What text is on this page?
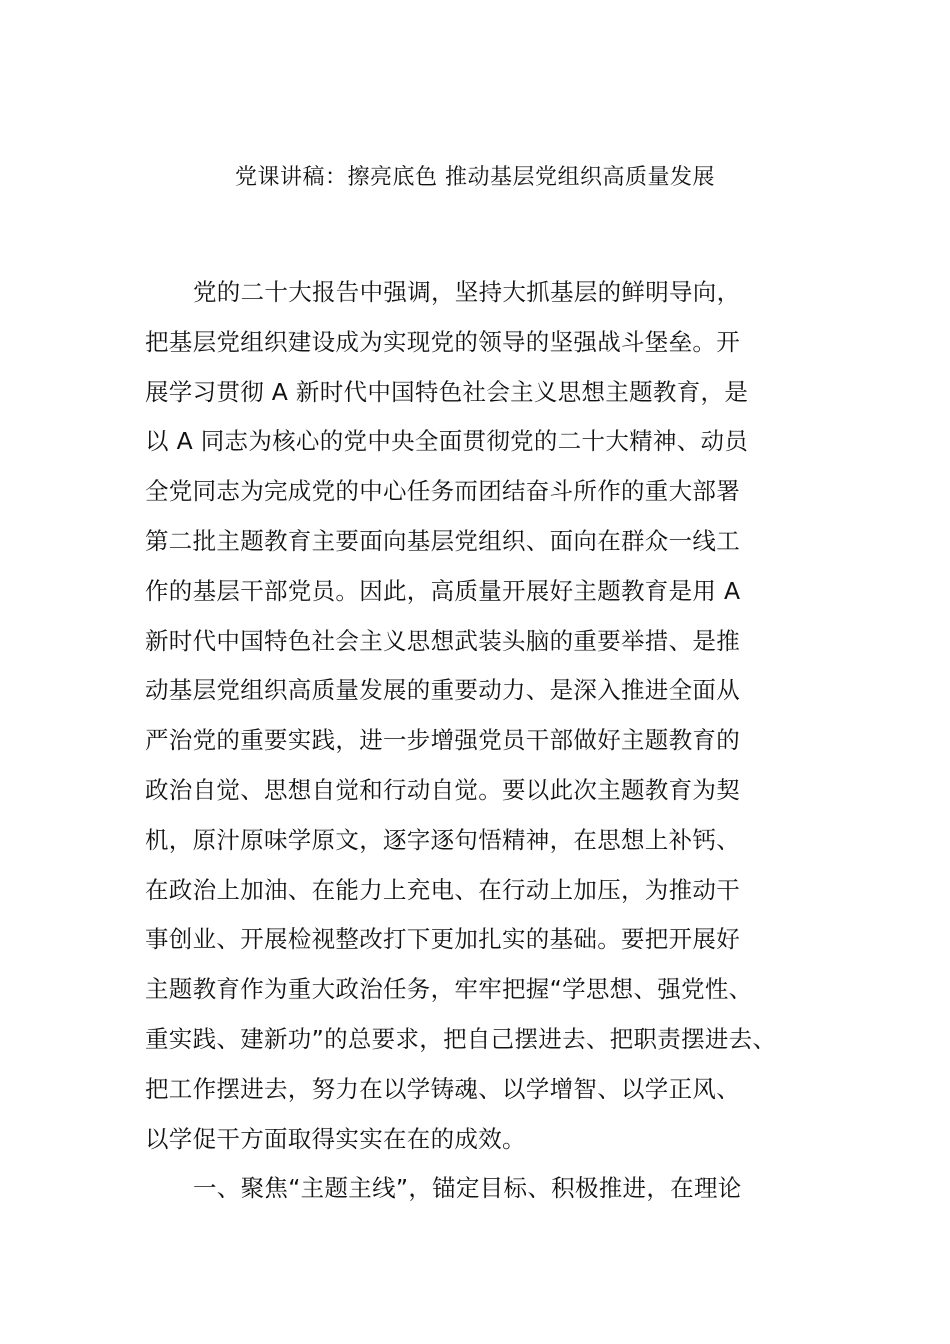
党课讲稿：擦亮底色 推动基层党组织高质量发展
党的二十大报告中强调，坚持大抓基层的鲜明导向，
把基层党组织建设成为实现党的领导的坚强战斗堡垒。开
展学习贯彻 A 新时代中国特色社会主义思想主题教育，是
以 A 同志为核心的党中央全面贯彻党的二十大精神、动员
全党同志为完成党的中心任务而团结奋斗所作的重大部署
第二批主题教育主要面向基层党组织、面向在群众一线工
作的基层干部党员。因此，高质量开展好主题教育是用 A
新时代中国特色社会主义思想武装头脑的重要举措、是推
动基层党组织高质量发展的重要动力、是深入推进全面从
严治党的重要实践，进一步增强党员干部做好主题教育的
政治自觉、思想自觉和行动自觉。要以此次主题教育为契
机，原汁原味学原文，逐字逐句悟精神，在思想上补钙、
在政治上加油、在能力上充电、在行动上加压，为推动干
事创业、开展检视整改打下更加扎实的基础。要把开展好
主题教育作为重大政治任务，牢牢把握“学思想、强党性、
重实践、建新功”的总要求，把自己摆进去、把职责摆进去、
把工作摆进去，努力在以学铸魂、以学增智、以学正风、
以学促干方面取得实实在在的成效。
一、聚焦“主题主线”，锚定目标、积极推进，在理论
